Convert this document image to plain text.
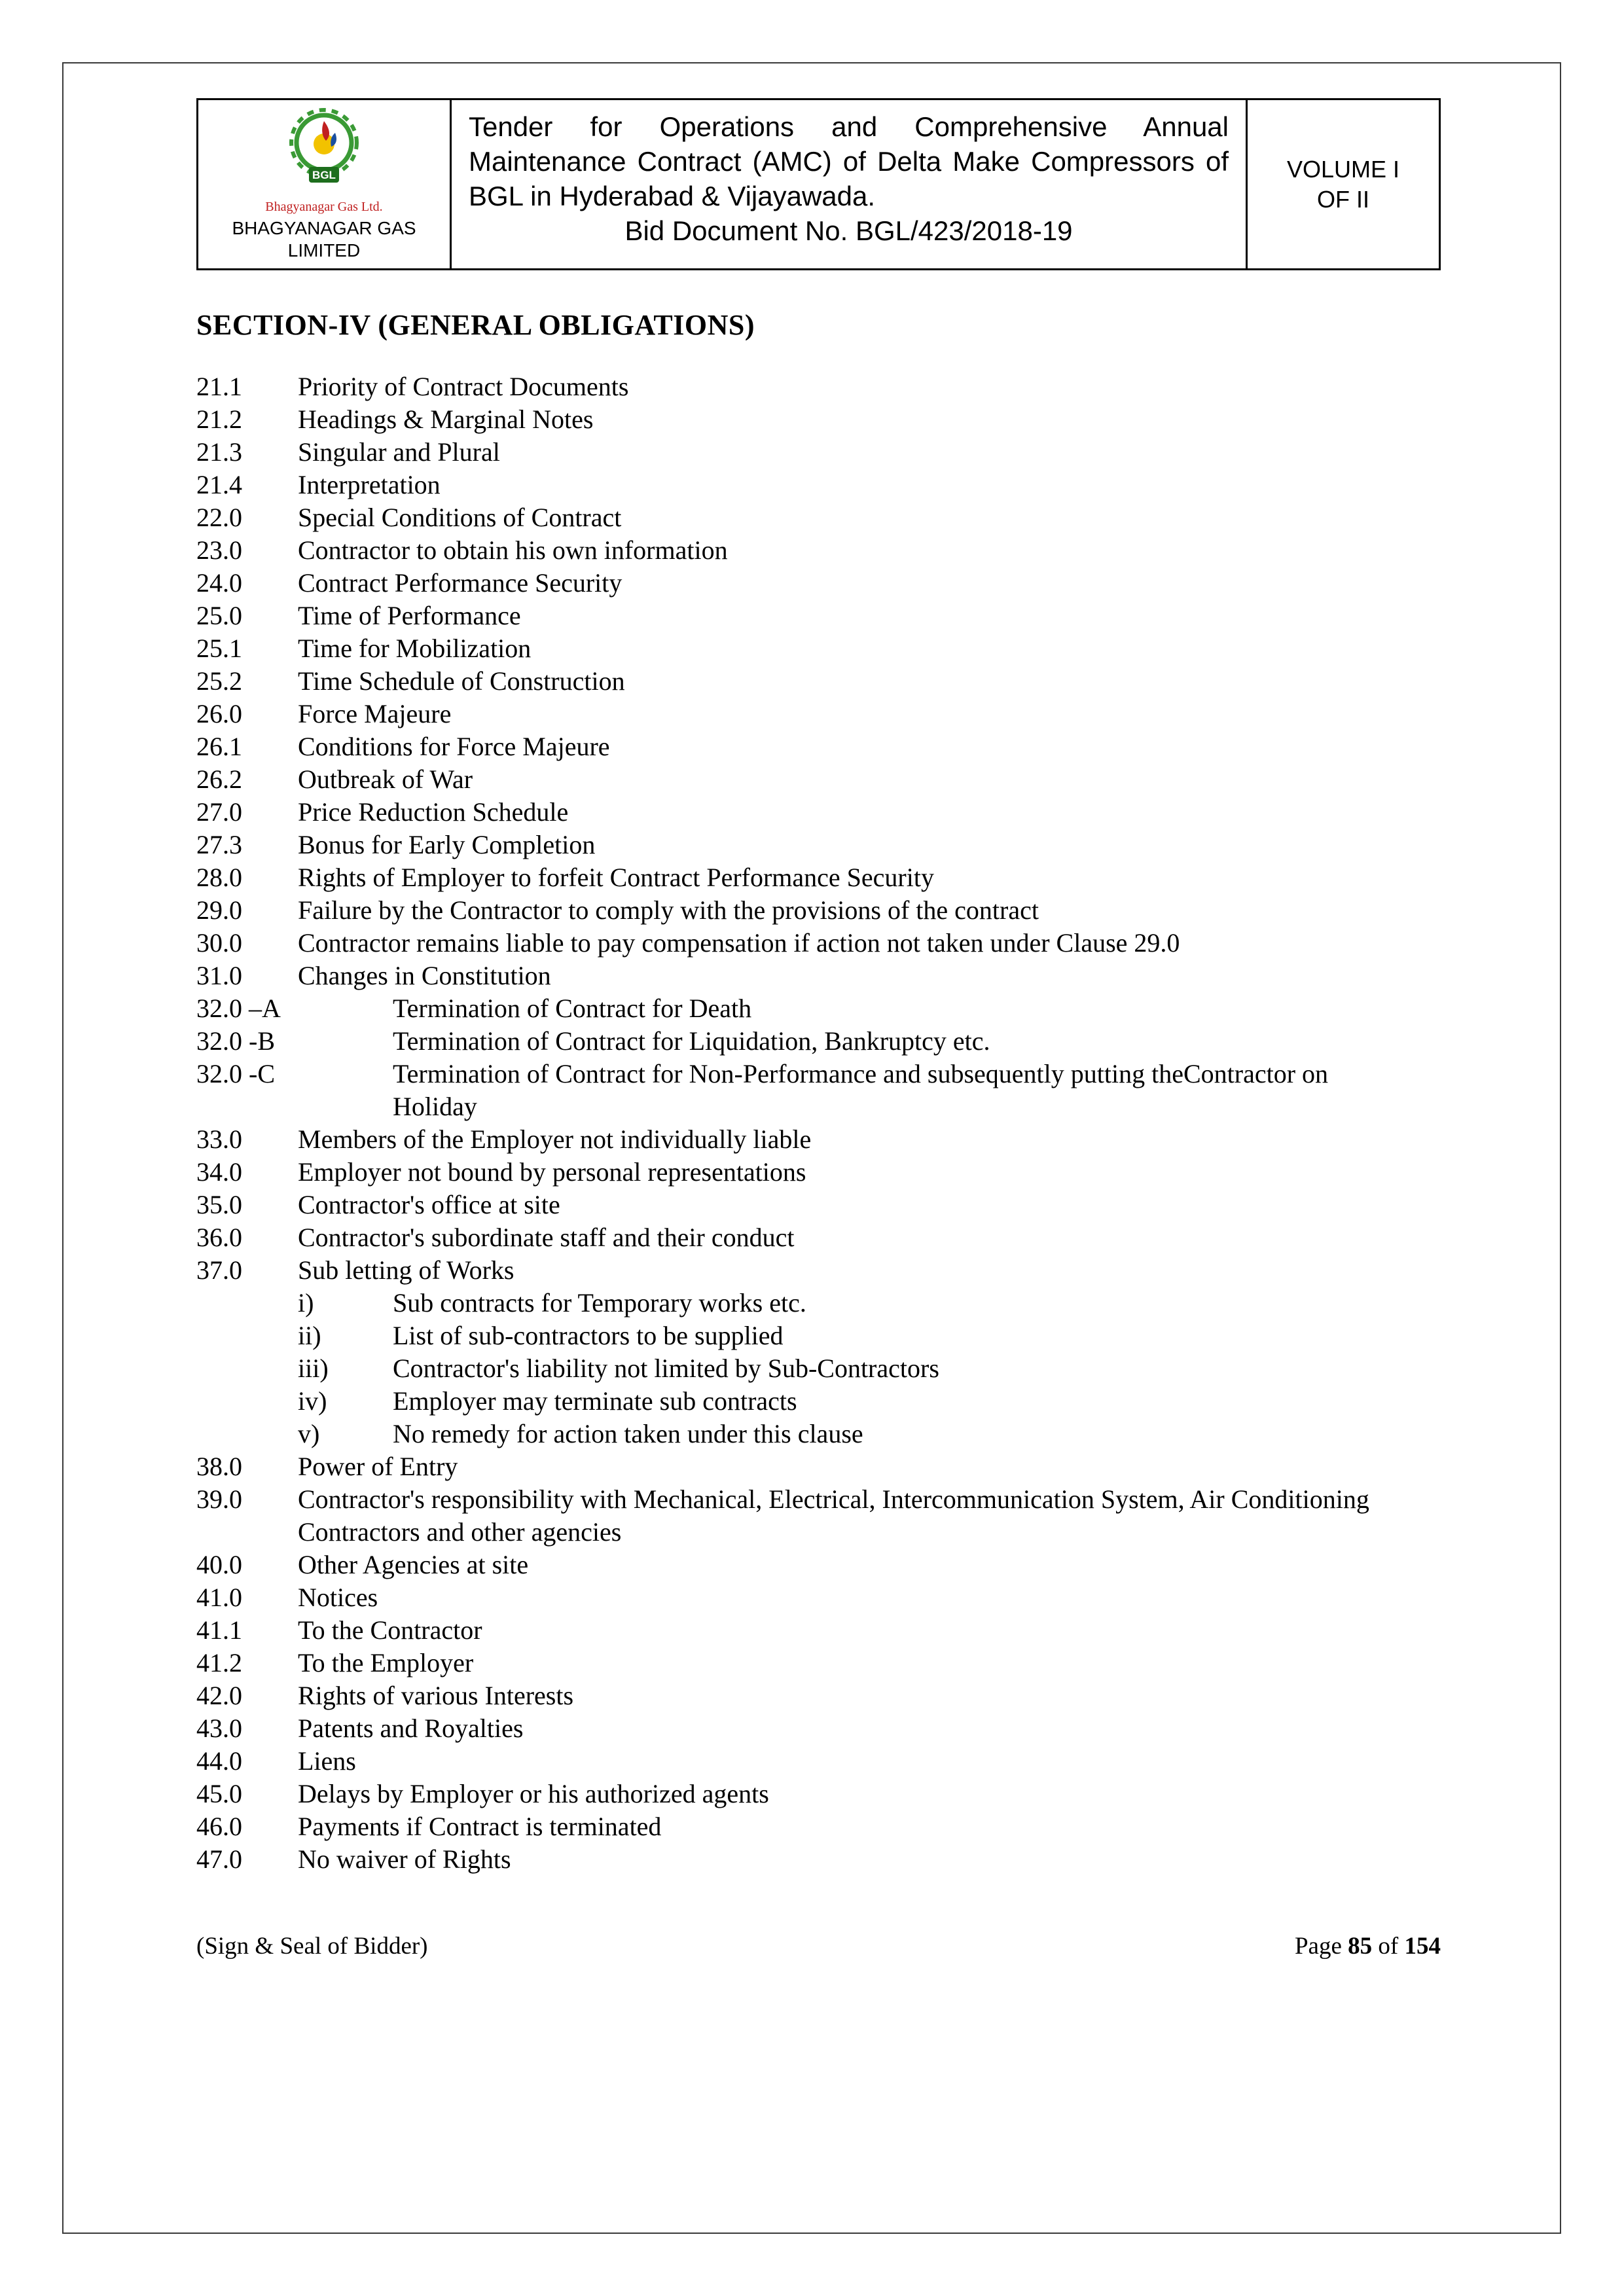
BGL
Bhagyanagar Gas Ltd.
BHAGYANAGAR GAS
LIMITED
Tender for Operations and Comprehensive Annual Maintenance Contract (AMC) of Delta Make Compressors of BGL in Hyderabad & Vijayawada.
Bid Document No. BGL/423/2018-19
VOLUME I
OF II
SECTION-IV (GENERAL OBLIGATIONS)
21.1	Priority of Contract Documents
21.2	Headings & Marginal Notes
21.3	Singular and Plural
21.4	Interpretation
22.0	Special Conditions of Contract
23.0	Contractor to obtain his own information
24.0	Contract Performance Security
25.0	Time of Performance
25.1	Time for Mobilization
25.2	Time Schedule of Construction
26.0	Force Majeure
26.1	Conditions for Force Majeure
26.2	Outbreak of War
27.0	Price Reduction Schedule
27.3	Bonus for Early Completion
28.0	Rights of Employer to forfeit Contract Performance Security
29.0	Failure by the Contractor to comply with the provisions of the contract
30.0	Contractor remains liable to pay compensation if action not taken under Clause 29.0
31.0	Changes in Constitution
32.0 –A	Termination of Contract for Death
32.0 -B	Termination of Contract for Liquidation, Bankruptcy etc.
32.0 -C	Termination of Contract for Non-Performance and subsequently putting theContractor on Holiday
33.0	Members of the Employer not individually liable
34.0	Employer not bound by personal representations
35.0	Contractor's office at site
36.0	Contractor's subordinate staff and their conduct
37.0	Sub letting of Works
i)	Sub contracts for Temporary works etc.
ii)	List of sub-contractors to be supplied
iii)	Contractor's liability not limited by Sub-Contractors
iv)	Employer may terminate sub contracts
v)	No remedy for action taken under this clause
38.0	Power of Entry
39.0	Contractor's responsibility with Mechanical, Electrical, Intercommunication System, Air Conditioning Contractors and other agencies
40.0	Other Agencies at site
41.0	Notices
41.1	To the Contractor
41.2	To the Employer
42.0	Rights of various Interests
43.0	Patents and Royalties
44.0	Liens
45.0	Delays by Employer or his authorized agents
46.0	Payments if Contract is terminated
47.0	No waiver of Rights
(Sign & Seal of Bidder)	Page 85 of 154
